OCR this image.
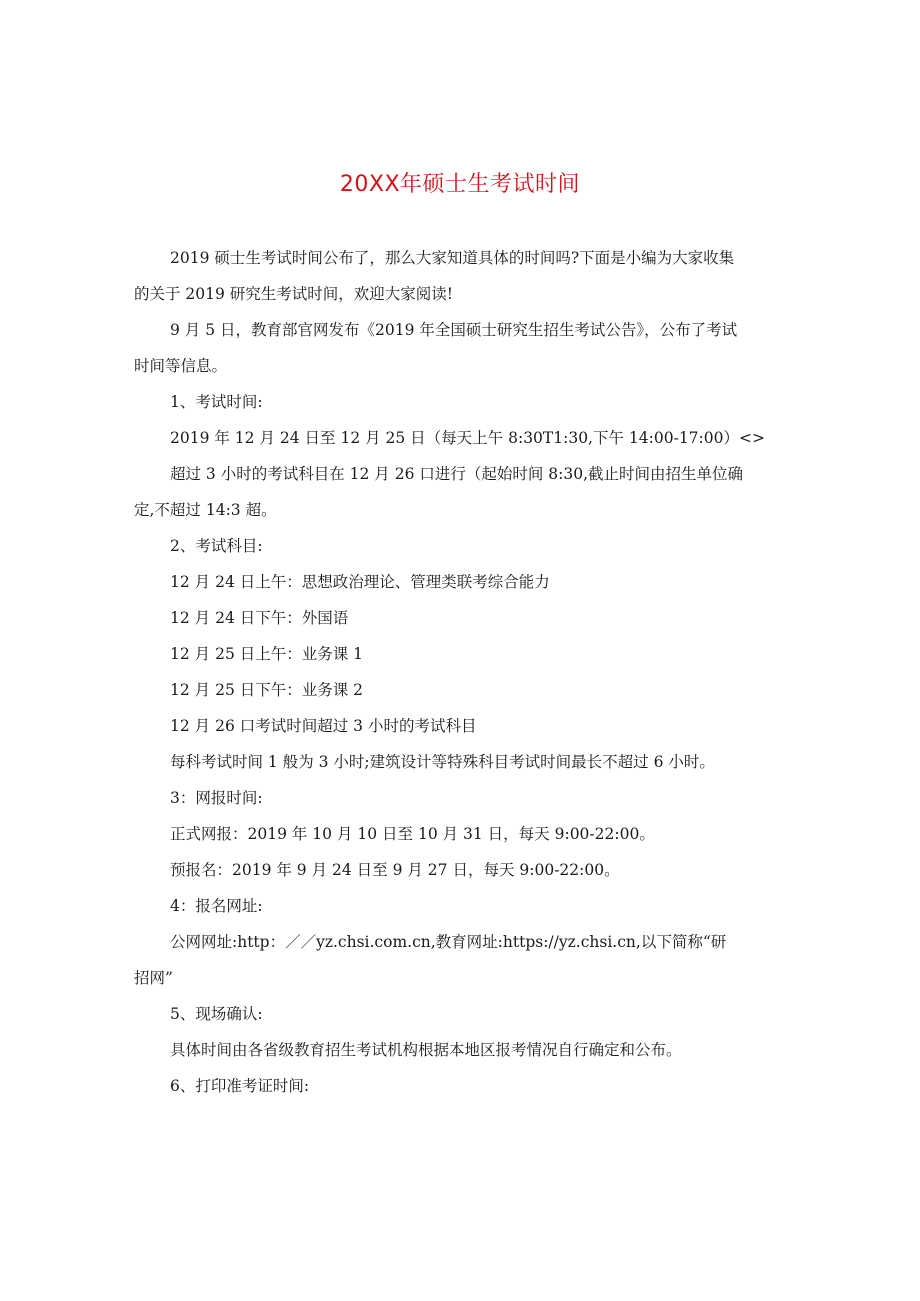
20XX年硕士生考试时间

2019 硕士生考试时间公布了，那么大家知道具体的时间吗?下面是小编为大家收集

的关于 2019 研究生考试时间，欢迎大家阅读!

9 月 5 日，教育部官网发布《2019 年全国硕士研究生招生考试公告》，公布了考试

时间等信息。

1、考试时间:

2019 年 12 月 24 日至 12 月 25 日（每天上午 8:30T1:30,下午 14:00-17:00）<>

超过 3 小时的考试科目在 12 月 26 口进行（起始时间 8:30,截止时间由招生单位确

定,不超过 14:3 超。

2、考试科目:

12 月 24 日上午：思想政治理论、管理类联考综合能力

12 月 24 日下午：外国语

12 月 25 日上午：业务课 1

12 月 25 日下午：业务课 2

12 月 26 口考试时间超过 3 小时的考试科目

每科考试时间 1 般为 3 小时;建筑设计等特殊科目考试时间最长不超过 6 小时。

3：网报时间:

正式网报：2019 年 10 月 10 日至 10 月 31 日，每天 9:00-22:00。

预报名：2019 年 9 月 24 日至 9 月 27 日，每天 9:00-22:00。

4：报名网址:

公网网址:http：／／yz.chsi.com.cn,教育网址:https://yz.chsi.cn,以下简称“研

招网”

5、现场确认:

具体时间由各省级教育招生考试机构根据本地区报考情况自行确定和公布。

6、打印准考证时间:
